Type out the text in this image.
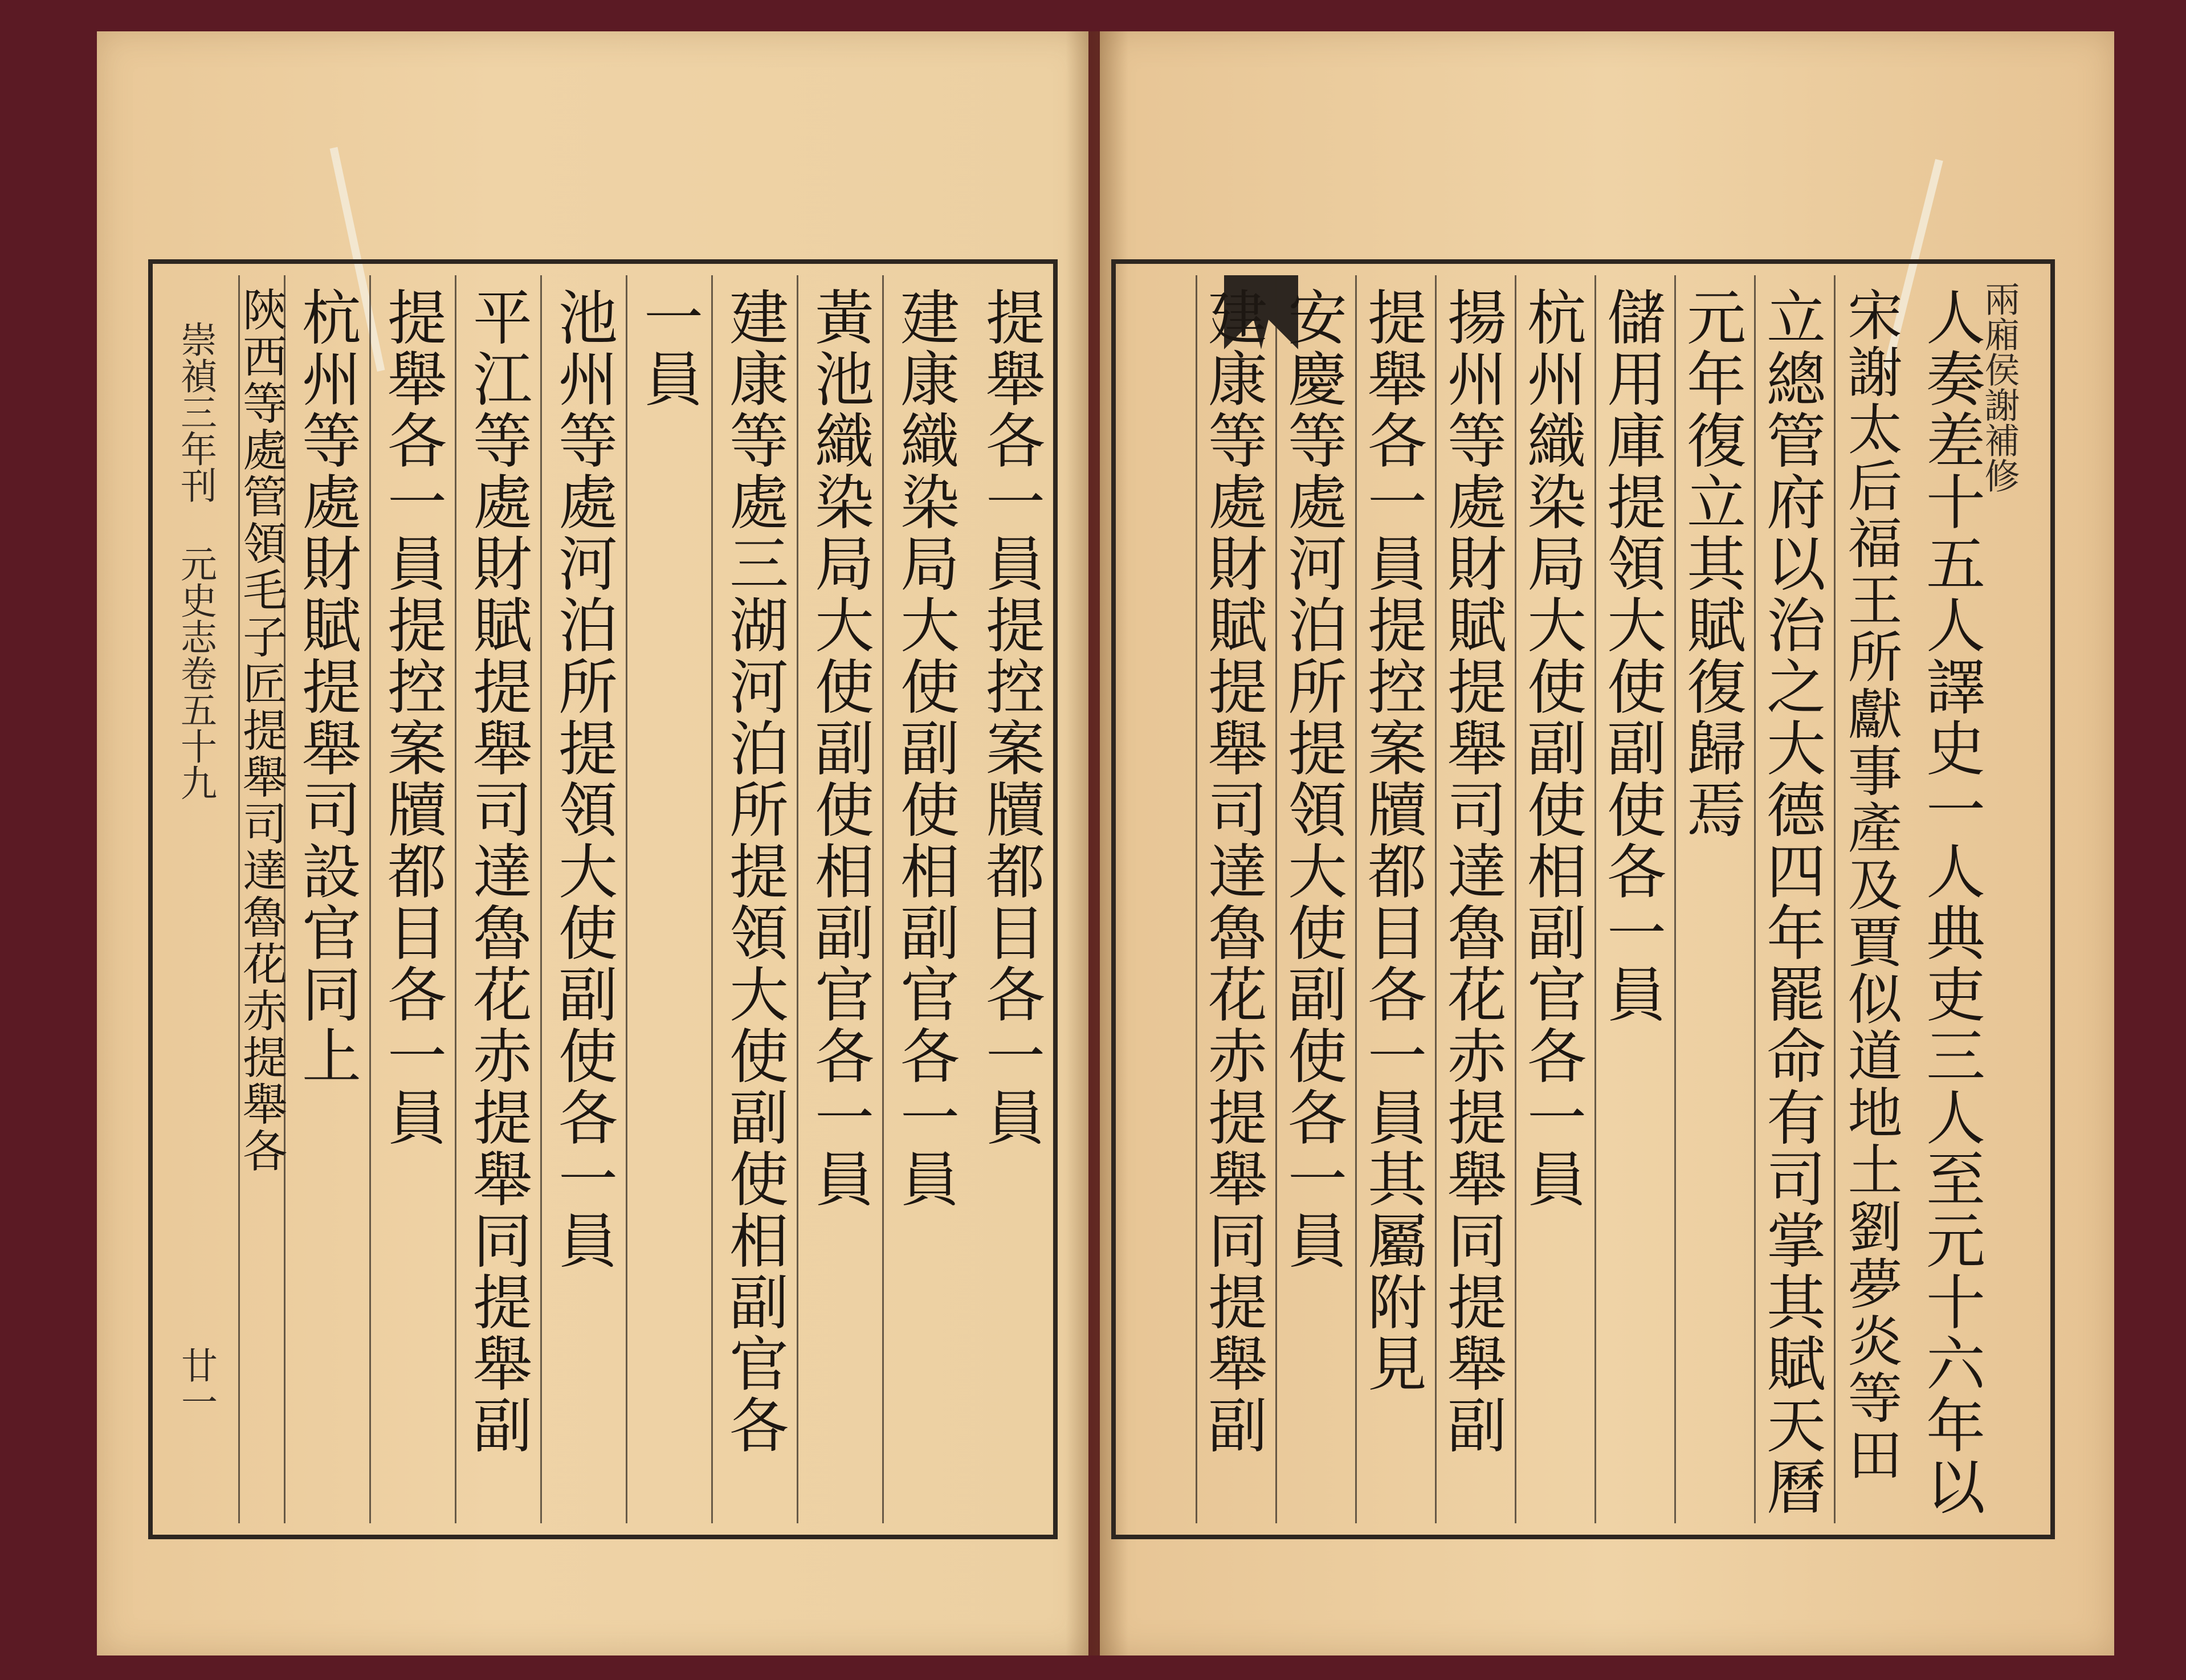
崇禎三年刊 元史志卷五十九
廿一
提舉各一員提控案牘都目各一員
建康織染局大使副使相副官各一員
黃池織染局大使副使相副官各一員
建康等處三湖河泊所提領大使副使相副官各
一員
池州等處河泊所提領大使副使各一員
平江等處財賦提舉司達魯花赤提舉同提舉副
提舉各一員提控案牘都目各一員
杭州等處財賦提舉司設官同上
陝西等處管領毛子匠提舉司達魯花赤提舉各	兩廂侯謝補修
人奏差十五人譯史一人典吏三人至元十六年以
宋謝太后福王所獻事產及賈似道地土劉夢炎等田
立總管府以治之大德四年罷命有司掌其賦天曆
元年復立其賦復歸焉
儲用庫提領大使副使各一員
杭州織染局大使副使相副官各一員
揚州等處財賦提舉司達魯花赤提舉同提舉副
提舉各一員提控案牘都目各一員其屬附見
安慶等處河泊所提領大使副使各一員
建康等處財賦提舉司達魯花赤提舉同提舉副
